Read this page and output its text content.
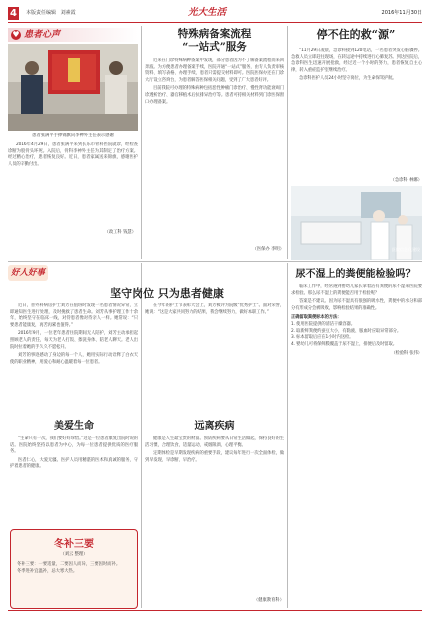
4	本版责任编辑 刘素霞	光大生活	2016年11月30日
♥ 患者心声
患者张满平手捧锦旗向李神外主任表示感谢
2016年4月29日，患者张满平来到长乐市骨科医院就诊，经检查诊断为股骨头坏死。入院后，骨科李神外主任为其制定了治疗方案。经过精心治疗，患者恢复良好。近日，患者家属送来锦旗，感谢医护人员的辛勤付出。
（政工科 钱慧）
特殊病备案流程
“一站式”服务

近来在门诊特殊病种备案中发现，部分患者因为不了解备案流程而来回奔波。为方便患者办理备案手续，医院开通“一站式”服务，由专人负责审核资料、填写表格、办理手续，患者只需提交材料即可。医院医保办还在门诊大厅设立咨询台，为患者解答医保相关问题，受到了广大患者好评。

目前我院可办理的特殊病种包括恶性肿瘤门诊治疗、慢性肾功能衰竭门诊透析治疗、器官移植术后抗排异治疗等。患者可持相关材料到门诊医保窗口办理备案。

（医保办 李明）
停不住的救“源”

“11月29日凌晨，急诊科接到120电话，一名患者突发心脏骤停。急救人员立即赶往现场，在转运途中持续进行心肺复苏。到达医院后，急诊科医生迅速开展抢救，经过近一个小时的努力，患者恢复自主心律，转入重症监护室继续治疗。

急诊科医护人员24小时坚守岗位，为生命保驾护航。

（急诊科 林娜）
医院信息化建设
好人好事
坚守岗位 只为患者健康

近日，普外科病房护士刘芳在值班时发现一名患者情况异常，立即通知医生进行处理，及时挽救了患者生命。刘芳从事护理工作十余年，始终坚守在临床一线，对待患者像对待亲人一样。她常说：“只要患者能康复，再苦再累也值得。”

2016年9月，一位老年患者住院期间无人陪护，刘芳主动承担起照顾老人的责任，每天为老人打饭、擦洗身体、陪老人聊天。老人出院时拉着她的手久久不愿松开。

刘芳的事迹感动了身边的每一个人，她用实际行动诠释了白衣天使的职业精神，用爱心和耐心温暖着每一位患者。

在今年的护士节表彰大会上，刘芳被评为院级“优秀护士”。面对荣誉，她说：“这是大家共同努力的结果，我会继续努力，做好本职工作。”

美爱生命

“生命只有一次，我们要好好珍惜。”这是一位患者康复出院时说的话。医院始终坚持以患者为中心，为每一位患者提供优质的医疗服务。

医者仁心，大爱无疆。医护人员用精湛的医术和真诚的服务，守护着患者的健康。

冬补三要
（刘云 整理）

冬补三要：一要适量，二要因人而异，三要因时而补。

冬季进补宜温补，忌大寒大热。

远离疾病

健康是人生最宝贵的财富。预防疾病要从日常生活做起，保持良好的生活习惯，合理饮食，适量运动，戒烟限酒，心理平衡。

定期体检是早期发现疾病的重要手段，建议每年进行一次全面体检，做到早发现、早诊断、早治疗。

（健康教育科）
尿不湿上的粪便能检验吗？

临床工作中，经常遇到婴幼儿家长拿着沾有粪便的尿不湿来医院要求检验。那么尿不湿上的粪便能否用于检验呢？

答案是不建议。因为尿不湿具有很强的吸水性，粪便中的水分和部分有形成分会被吸收，影响检验结果的准确性。

正确留取粪便标本的方法：

1. 使用医院提供的清洁干燥容器。

2. 取新鲜粪便约蚕豆大小，有黏液、脓血时应取异常部分。

3. 标本留取后应在1小时内送检。

4. 婴幼儿可将保鲜膜覆盖于尿不湿上，排便后及时留取。

（检验科 张伟）
